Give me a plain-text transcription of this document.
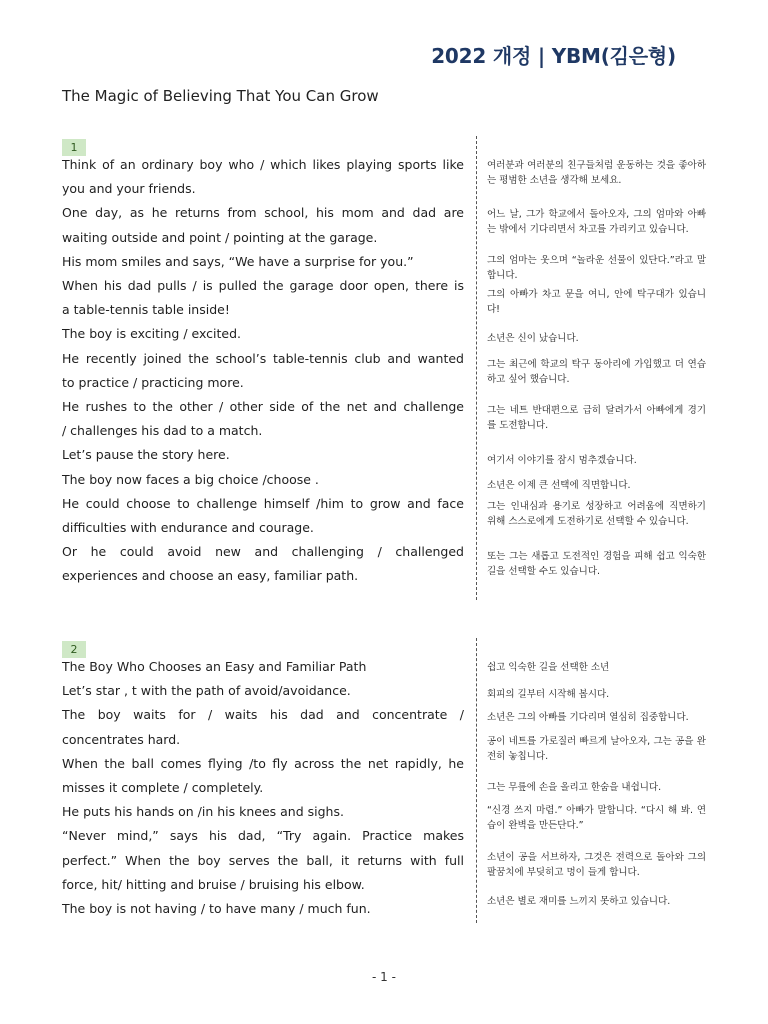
2022 개정 | YBM(김은형)
The Magic of Believing That You Can Grow
1
Think of an ordinary boy who / which likes playing sports like
you and your friends.
One day, as he returns from school, his mom and dad are
waiting outside and point / pointing at the garage.
His mom smiles and says, “We have a surprise for you.”
When his dad pulls / is pulled the garage door open, there is
a table-tennis table inside!
The boy is exciting / excited.
He recently joined the school’s table-tennis club and wanted
to practice / practicing more.
He rushes to the other / other side of the net and challenge
/ challenges his dad to a match.
Let’s pause the story here.
The boy now faces a big choice /choose .
He could choose to challenge himself /him to grow and face
difficulties with endurance and courage.
Or he could avoid new and challenging / challenged
experiences and choose an easy, familiar path.
여러분과 여러분의 친구들처럼 운동하는 것을 좋아하는 평범한 소년을 생각해 보세요.
어느 날, 그가 학교에서 돌아오자, 그의 엄마와 아빠는 밖에서 기다리면서 차고를 가리키고 있습니다.
그의 엄마는 웃으며 “놀라운 선물이 있단다.”라고 말합니다.
그의 아빠가 차고 문을 여니, 안에 탁구대가 있습니다!
소년은 신이 났습니다.
그는 최근에 학교의 탁구 동아리에 가입했고 더 연습하고 싶어 했습니다.
그는 네트 반대편으로 급히 달려가서 아빠에게 경기를 도전합니다.
여기서 이야기를 잠시 멈추겠습니다.
소년은 이제 큰 선택에 직면합니다.
그는 인내심과 용기로 성장하고 어려움에 직면하기 위해 스스로에게 도전하기로 선택할 수 있습니다.
또는 그는 새롭고 도전적인 경험을 피해 쉽고 익숙한 길을 선택할 수도 있습니다.
2
The Boy Who Chooses an Easy and Familiar Path
Let’s star , t with the path of avoid/avoidance.
The boy waits for / waits his dad and concentrate /
concentrates hard.
When the ball comes flying /to fly across the net rapidly, he
misses it complete / completely.
He puts his hands on /in his knees and sighs.
“Never mind,” says his dad, “Try again. Practice makes
perfect.” When the boy serves the ball, it returns with full
force, hit/ hitting and bruise / bruising his elbow.
The boy is not having / to have many / much fun.
쉽고 익숙한 길을 선택한 소년
회피의 길부터 시작해 봅시다.
소년은 그의 아빠를 기다리며 열심히 집중합니다.
공이 네트를 가로질러 빠르게 날아오자, 그는 공을 완전히 놓칩니다.
그는 무릎에 손을 올리고 한숨을 내쉽니다.
“신경 쓰지 마렴.” 아빠가 말합니다. “다시 해 봐. 연습이 완벽을 만든단다.”
소년이 공을 서브하자, 그것은 전력으로 돌아와 그의 팔꿈치에 부딪히고 멍이 들게 합니다.
소년은 별로 재미를 느끼지 못하고 있습니다.
- 1 -
